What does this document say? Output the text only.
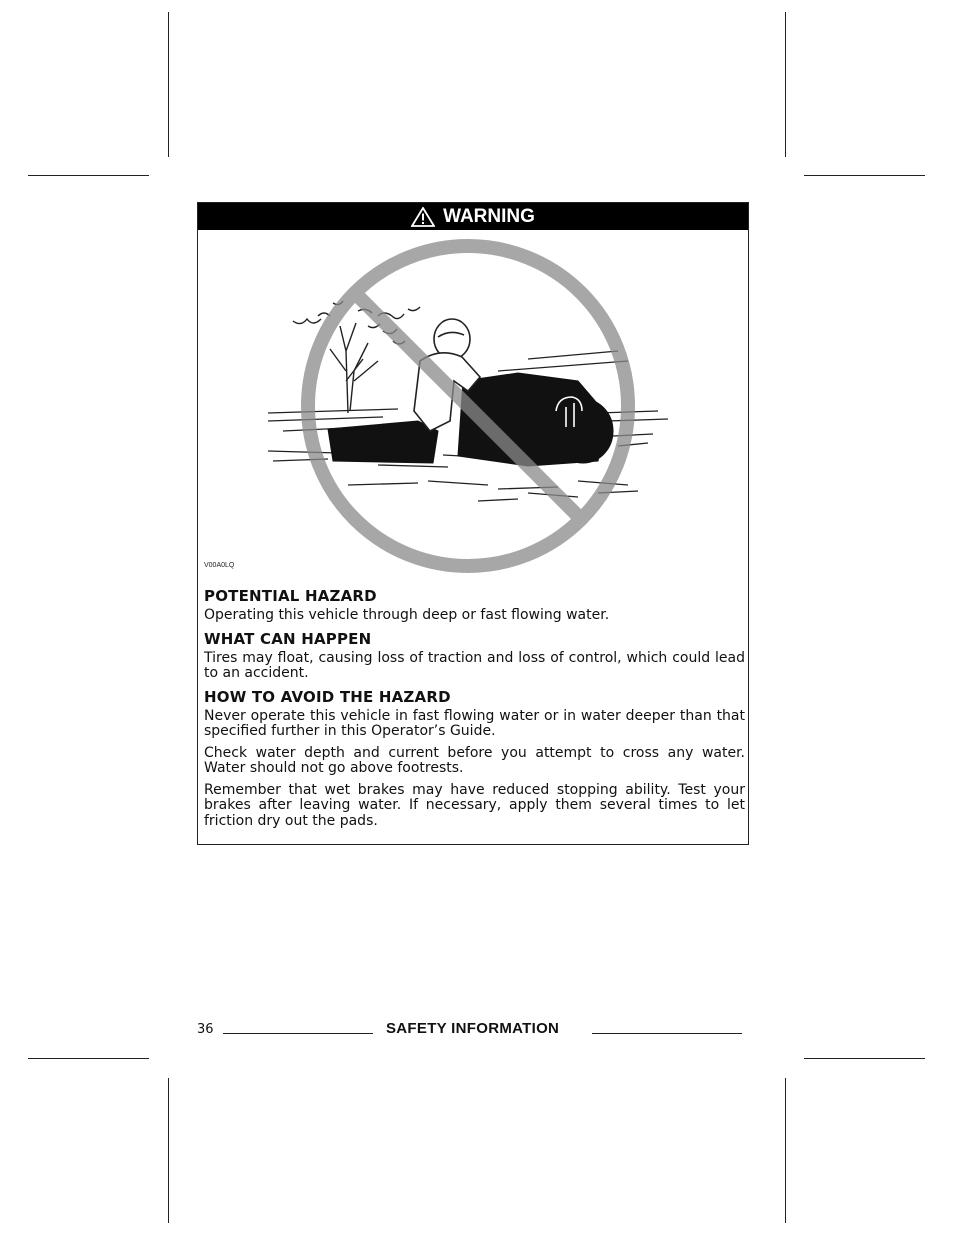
WARNING
V00A0LQ
POTENTIAL HAZARD

Operating this vehicle through deep or fast flowing water.

WHAT CAN HAPPEN

Tires may float, causing loss of traction and loss of control, which could lead to an accident.

HOW TO AVOID THE HAZARD

Never operate this vehicle in fast flowing water or in water deeper than that specified further in this Operator’s Guide.

Check water depth and current before you attempt to cross any water. Water should not go above footrests.

Remember that wet brakes may have reduced stopping ability. Test your brakes after leaving water. If necessary, apply them several times to let friction dry out the pads.

36	SAFETY INFORMATION
